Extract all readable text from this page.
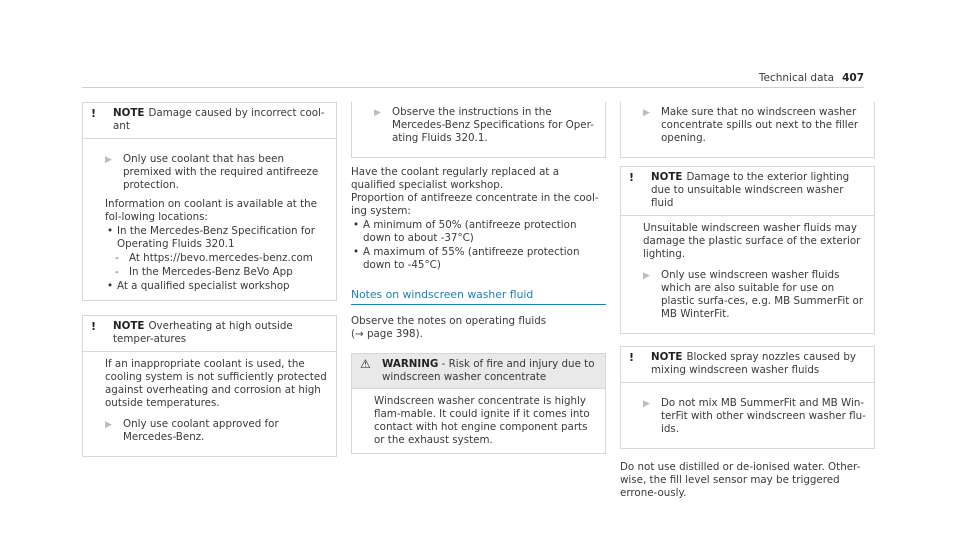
Technical data 407
!	NOTE Damage caused by incorrect cool-ant
▶	Only use coolant that has been premixed with the required antifreeze protection.

Information on coolant is available at the fol-lowing locations:

• In the Mercedes-Benz Specification for Operating Fluids 320.1
- At https://bevo.mercedes-benz.com
- In the Mercedes-Benz BeVo App
• At a qualified specialist workshop
!	NOTE Overheating at high outside temper-atures

If an inappropriate coolant is used, the cooling system is not sufficiently protected against overheating and corrosion at high outside temperatures.

▶	Only use coolant approved for Mercedes-Benz.
▶	Observe the instructions in the Mercedes-Benz Specifications for Oper-ating Fluids 320.1.

Have the coolant regularly replaced at a qualified specialist workshop.

Proportion of antifreeze concentrate in the cool-ing system:

• A minimum of 50% (antifreeze protection down to about -37°C)
• A maximum of 55% (antifreeze protection down to -45°C)
Notes on windscreen washer fluid

Observe the notes on operating fluids

(→ page 398).

⚠	WARNING - Risk of fire and injury due to windscreen washer concentrate

Windscreen washer concentrate is highly flam-mable. It could ignite if it comes into contact with hot engine component parts or the exhaust system.

▶	Make sure that no windscreen washer concentrate spills out next to the filler opening.
!	NOTE Damage to the exterior lighting due to unsuitable windscreen washer fluid

Unsuitable windscreen washer fluids may damage the plastic surface of the exterior lighting.

▶	Only use windscreen washer fluids which are also suitable for use on plastic surfa-ces, e.g. MB SummerFit or MB WinterFit.
!	NOTE Blocked spray nozzles caused by mixing windscreen washer fluids
▶	Do not mix MB SummerFit and MB Win-terFit with other windscreen washer flu-ids.

Do not use distilled or de-ionised water. Other-wise, the fill level sensor may be triggered errone-ously.
